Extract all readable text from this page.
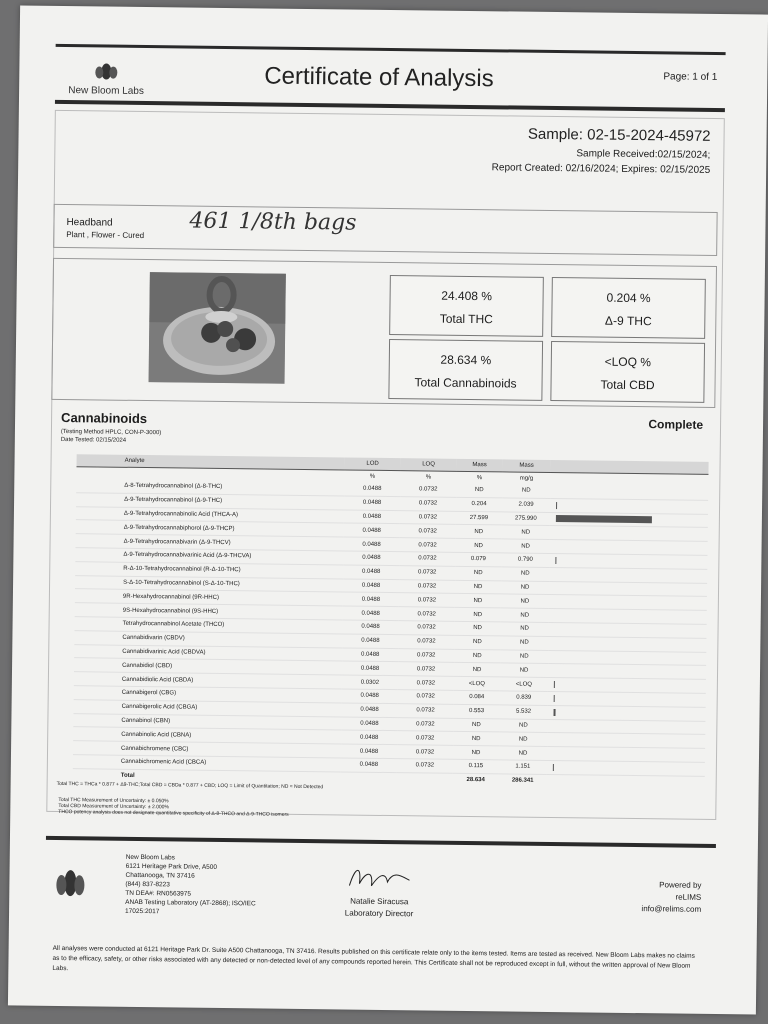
New Bloom Labs	Certificate of Analysis	Page: 1 of 1
Sample: 02-15-2024-45972
Sample Received:02/15/2024;
Report Created: 02/16/2024; Expires: 02/15/2025
Headband
Plant , Flower - Cured 461 1/8th bags
24.408 %
Total THC
0.204 %
Δ-9 THC
28.634 %
Total Cannabinoids
<LOQ %
Total CBD
Cannabinoids	Complete
(Testing Method HPLC, CON-P-3000)
Date Tested: 02/15/2024
Analyte	LOD	LOQ	Mass	Mass	
	%	%	%	mg/g	
Δ-8-Tetrahydrocannabinol (Δ-8-THC)	0.0488	0.0732	ND	ND	
Δ-9-Tetrahydrocannabinol (Δ-9-THC)	0.0488	0.0732	0.204	2.039	
Δ-9-Tetrahydrocannabinolic Acid (THCA-A)	0.0488	0.0732	27.599	275.990	
Δ-9-Tetrahydrocannabiphorol (Δ-9-THCP)	0.0488	0.0732	ND	ND	
Δ-9-Tetrahydrocannabivarin (Δ-9-THCV)	0.0488	0.0732	ND	ND	
Δ-9-Tetrahydrocannabivarinic Acid (Δ-9-THCVA)	0.0488	0.0732	0.079	0.790	
R-Δ-10-Tetrahydrocannabinol (R-Δ-10-THC)	0.0488	0.0732	ND	ND	
S-Δ-10-Tetrahydrocannabinol (S-Δ-10-THC)	0.0488	0.0732	ND	ND	
9R-Hexahydrocannabinol (9R-HHC)	0.0488	0.0732	ND	ND	
9S-Hexahydrocannabinol (9S-HHC)	0.0488	0.0732	ND	ND	
Tetrahydrocannabinol Acetate (THCO)	0.0488	0.0732	ND	ND	
Cannabidivarin (CBDV)	0.0488	0.0732	ND	ND	
Cannabidivarinic Acid (CBDVA)	0.0488	0.0732	ND	ND	
Cannabidiol (CBD)	0.0488	0.0732	ND	ND	
Cannabidiolic Acid (CBDA)	0.0302	0.0732	<LOQ	<LOQ	
Cannabigerol (CBG)	0.0488	0.0732	0.084	0.839	
Cannabigerolic Acid (CBGA)	0.0488	0.0732	0.553	5.532	
Cannabinol (CBN)	0.0488	0.0732	ND	ND	
Cannabinolic Acid (CBNA)	0.0488	0.0732	ND	ND	
Cannabichromene (CBC)	0.0488	0.0732	ND	ND	
Cannabichromenic Acid (CBCA)	0.0488	0.0732	0.115	1.151	
Total			28.634	286.341	
Total THC = THCa * 0.877 + Δ9-THC;Total CBD = CBDa * 0.877 + CBD; LOQ = Limit of Quantitation; ND = Not Detected
Total THC Measurement of Uncertainty: ± 0.050%
Total CBD Measurement of Uncertainty: ± 2.000%
THCO potency analysis does not designate quantitative specificity of Δ-8-THCO and Δ-9-THCO isomers
New Bloom Labs
6121 Heritage Park Drive, A500
Chattanooga, TN 37416
(844) 837-8223
TN DEA#: RN0563975
ANAB Testing Laboratory (AT-2868); ISO/IEC
17025:2017
Natalie Siracusa
Laboratory Director
Powered by
reLIMS
info@relims.com
All analyses were conducted at 6121 Heritage Park Dr. Suite A500 Chattanooga, TN 37416. Results published on this certificate relate only to the items tested. Items are tested as received. New Bloom Labs makes no claims as to the efficacy, safety, or other risks associated with any detected or non-detected level of any compounds reported herein. This Certificate shall not be reproduced except in full, without the written approval of New Bloom Labs.
